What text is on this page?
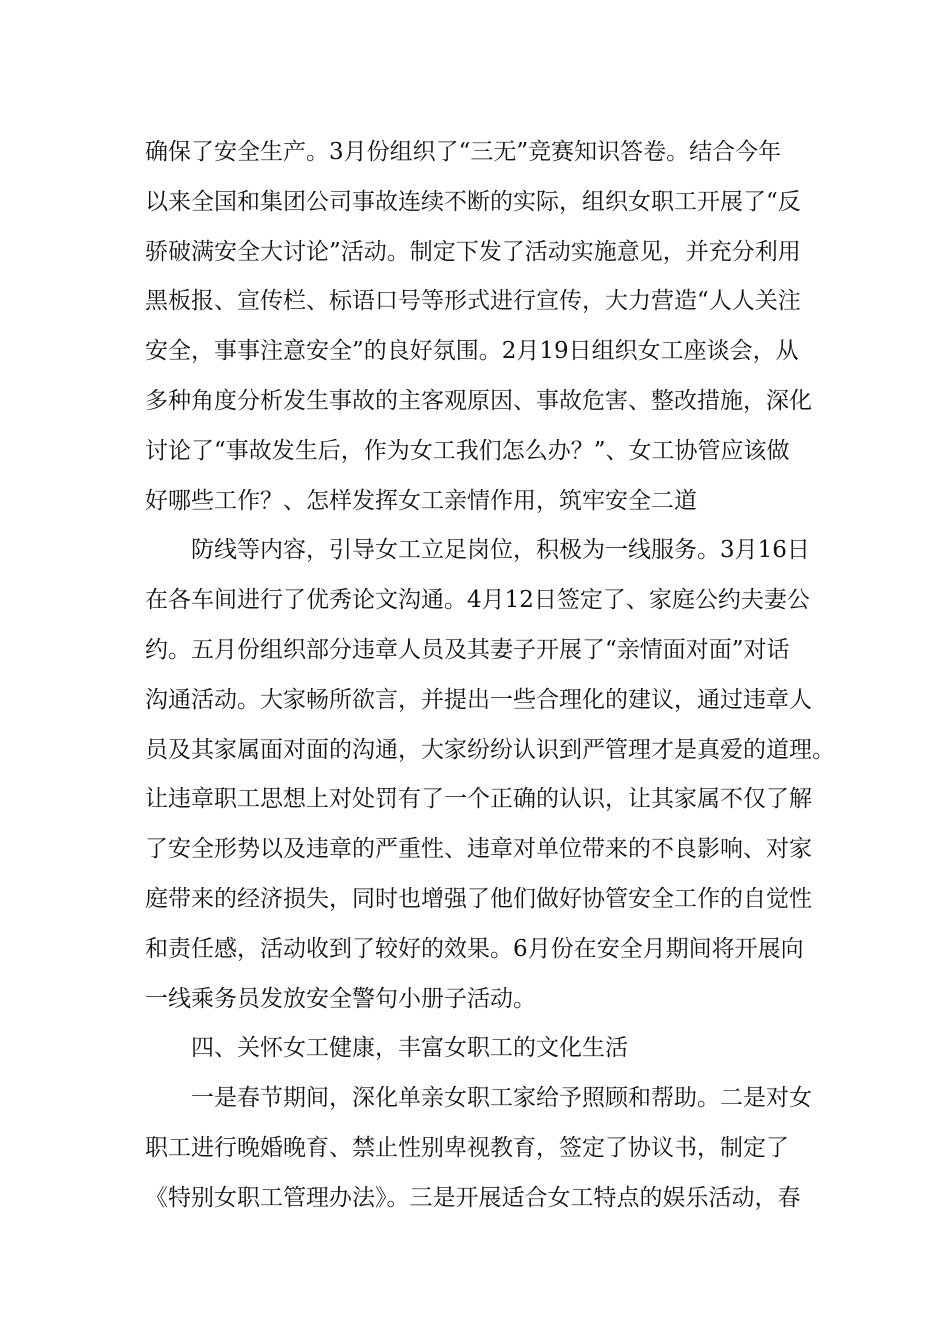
确保了安全生产。3月份组织了“三无”竞赛知识答卷。结合今年
以来全国和集团公司事故连续不断的实际，组织女职工开展了“反
骄破满安全大讨论”活动。制定下发了活动实施意见，并充分利用
黑板报、宣传栏、标语口号等形式进行宣传，大力营造“人人关注
安全，事事注意安全”的良好氛围。2月19日组织女工座谈会，从
多种角度分析发生事故的主客观原因、事故危害、整改措施，深化
讨论了“事故发生后，作为女工我们怎么办？”、女工协管应该做
好哪些工作？、怎样发挥女工亲情作用，筑牢安全二道
防线等内容，引导女工立足岗位，积极为一线服务。3月16日
在各车间进行了优秀论文沟通。4月12日签定了、家庭公约夫妻公
约。五月份组织部分违章人员及其妻子开展了“亲情面对面”对话
沟通活动。大家畅所欲言，并提出一些合理化的建议，通过违章人
员及其家属面对面的沟通，大家纷纷认识到严管理才是真爱的道理。
让违章职工思想上对处罚有了一个正确的认识，让其家属不仅了解
了安全形势以及违章的严重性、违章对单位带来的不良影响、对家
庭带来的经济损失，同时也增强了他们做好协管安全工作的自觉性
和责任感，活动收到了较好的效果。6月份在安全月期间将开展向
一线乘务员发放安全警句小册子活动。
四、关怀女工健康，丰富女职工的文化生活
一是春节期间，深化单亲女职工家给予照顾和帮助。二是对女
职工进行晚婚晚育、禁止性别卑视教育，签定了协议书，制定了
《特别女职工管理办法》。三是开展适合女工特点的娱乐活动，春
